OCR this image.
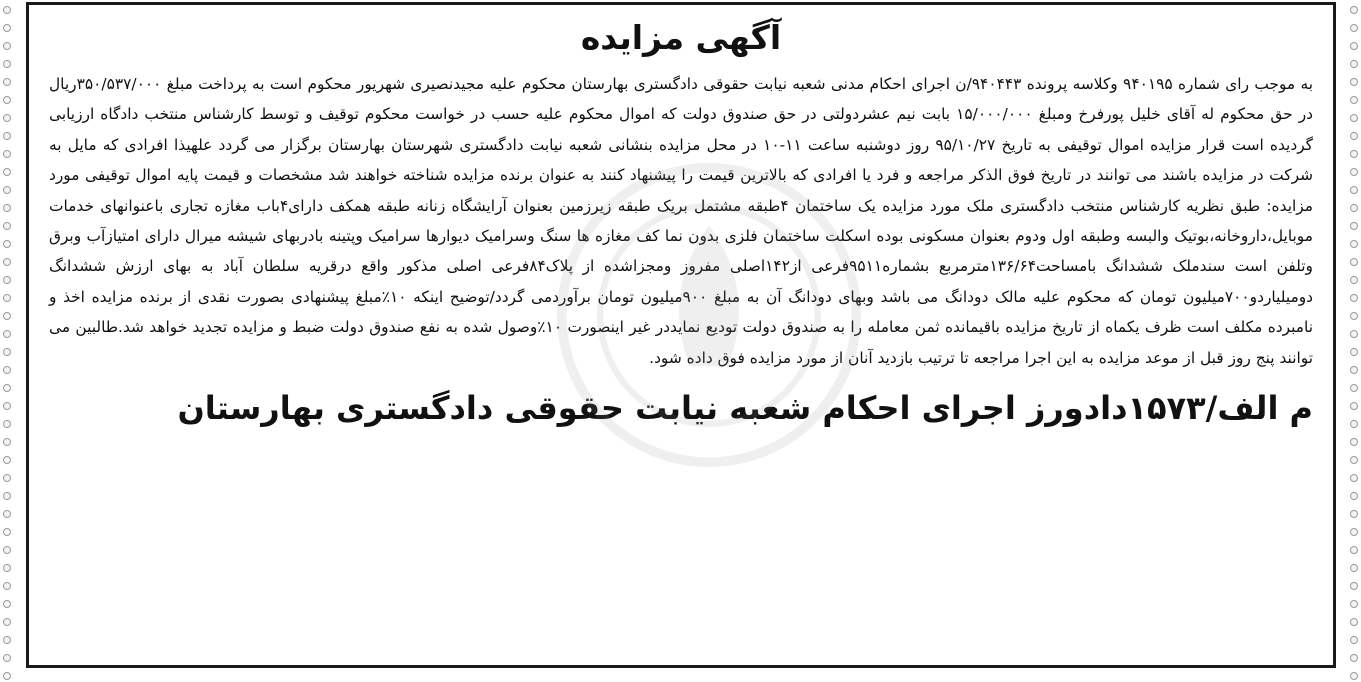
آگهی مزایده

به موجب رای شماره ۹۴۰۱۹۵ وکلاسه پرونده ۹۴۰۴۴۳/ن اجرای احکام مدنی شعبه نیابت حقوقی دادگستری بهارستان محکوم علیه مجیدنصیری شهریور محکوم است به پرداخت مبلغ ۳۵۰/۵۳۷/۰۰۰ریال در حق محکوم له آقای خلیل پورفرخ ومبلغ ۱۵/۰۰۰/۰۰۰ بابت نیم عشردولتی در حق صندوق دولت که اموال محکوم علیه حسب در خواست محکوم توقیف و توسط کارشناس منتخب دادگاه ارزیابی گردیده است قرار مزایده اموال توقیفی به تاریخ ۹۵/۱۰/۲۷ روز دوشنبه ساعت ۱۱-۱۰ در محل مزایده بنشانی شعبه نیابت دادگستری شهرستان بهارستان برگزار می گردد علهیذا افرادی که مایل به شرکت در مزایده باشند می توانند در تاریخ فوق الذکر مراجعه و فرد یا افرادی که بالاترین قیمت را پیشنهاد کنند به عنوان برنده مزایده شناخته خواهند شد مشخصات و قیمت پایه اموال توقیفی مورد مزایده: طبق نظریه کارشناس منتخب دادگستری ملک مورد مزایده یک ساختمان ۴طبقه مشتمل بریک طبقه زیرزمین بعنوان آرایشگاه زنانه طبقه همکف دارای۴باب مغازه تجاری باعنوانهای خدمات موبایل،داروخانه،بوتیک والبسه وطبقه اول ودوم بعنوان مسکونی بوده اسکلت ساختمان فلزی بدون نما کف مغازه ها سنگ وسرامیک دیوارها سرامیک وپتینه بادربهای شیشه میرال دارای امتیازآب وبرق وتلفن است سندملک ششدانگ بامساحت۱۳۶/۶۴مترمربع بشماره۹۵۱۱فرعی از۱۴۲اصلی مفروز ومجزاشده از پلاک۸۴فرعی اصلی مذکور واقع درقریه سلطان آباد به بهای ارزش ششدانگ دومیلیاردو۷۰۰میلیون تومان که محکوم علیه مالک دودانگ می باشد وبهای دودانگ آن به مبلغ ۹۰۰میلیون تومان برآوردمی گردد/توضیح اینکه ۱۰٪مبلغ پیشنهادی بصورت نقدی از برنده مزایده اخذ و نامبرده مکلف است ظرف یکماه از تاریخ مزایده باقیمانده ثمن معامله را به صندوق دولت تودیع نمایددر غیر اینصورت ۱۰٪وصول شده به نفع صندوق دولت ضبط و مزایده تجدید خواهد شد.طالبین می توانند پنج روز قبل از موعد مزایده به این اجرا مراجعه تا ترتیب بازدید آنان از مورد مزایده فوق داده شود.

م الف/۱۵۷۳دادورز اجرای احکام شعبه نیابت حقوقی دادگستری بهارستان
